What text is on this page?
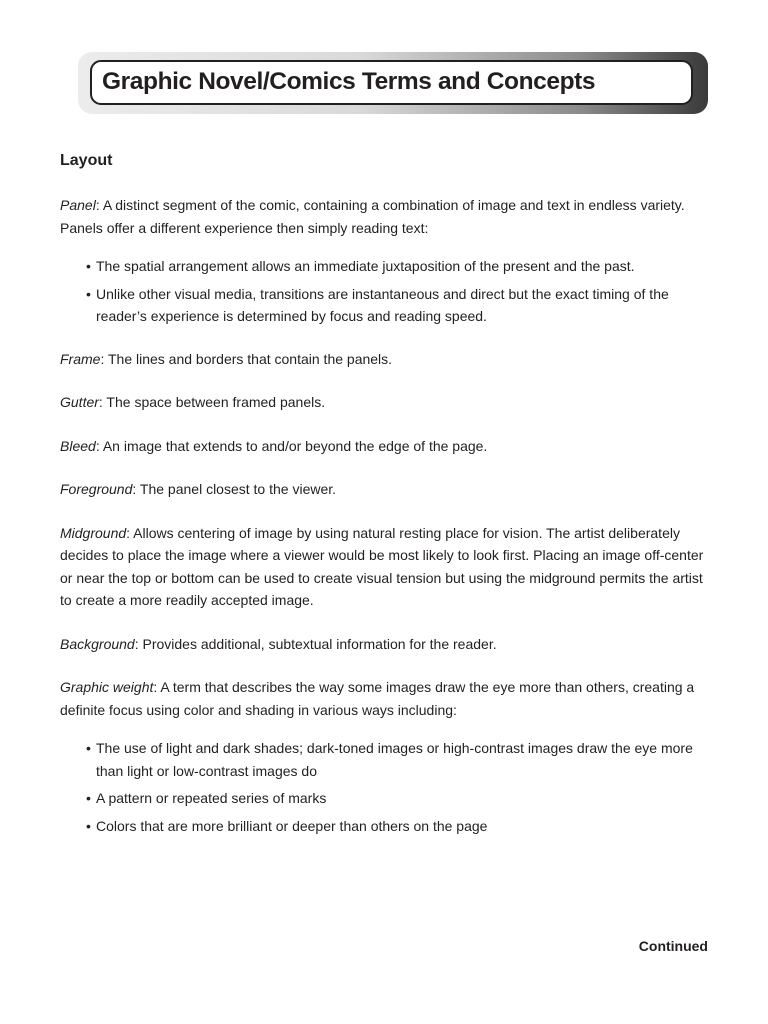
Graphic Novel/Comics Terms and Concepts
Layout

Panel: A distinct segment of the comic, containing a combination of image and text in endless variety. Panels offer a different experience then simply reading text:

• The spatial arrangement allows an immediate juxtaposition of the present and the past.
• Unlike other visual media, transitions are instantaneous and direct but the exact timing of the reader’s experience is determined by focus and reading speed.

Frame: The lines and borders that contain the panels.

Gutter: The space between framed panels.

Bleed: An image that extends to and/or beyond the edge of the page.

Foreground: The panel closest to the viewer.

Midground: Allows centering of image by using natural resting place for vision. The artist deliberately decides to place the image where a viewer would be most likely to look first. Placing an image off-center or near the top or bottom can be used to create visual tension but using the midground permits the artist to create a more readily accepted image.

Background: Provides additional, subtextual information for the reader.

Graphic weight: A term that describes the way some images draw the eye more than others, creating a definite focus using color and shading in various ways including:

• The use of light and dark shades; dark-toned images or high-contrast images draw the eye more than light or low-contrast images do
• A pattern or repeated series of marks
• Colors that are more brilliant or deeper than others on the page
Continued
